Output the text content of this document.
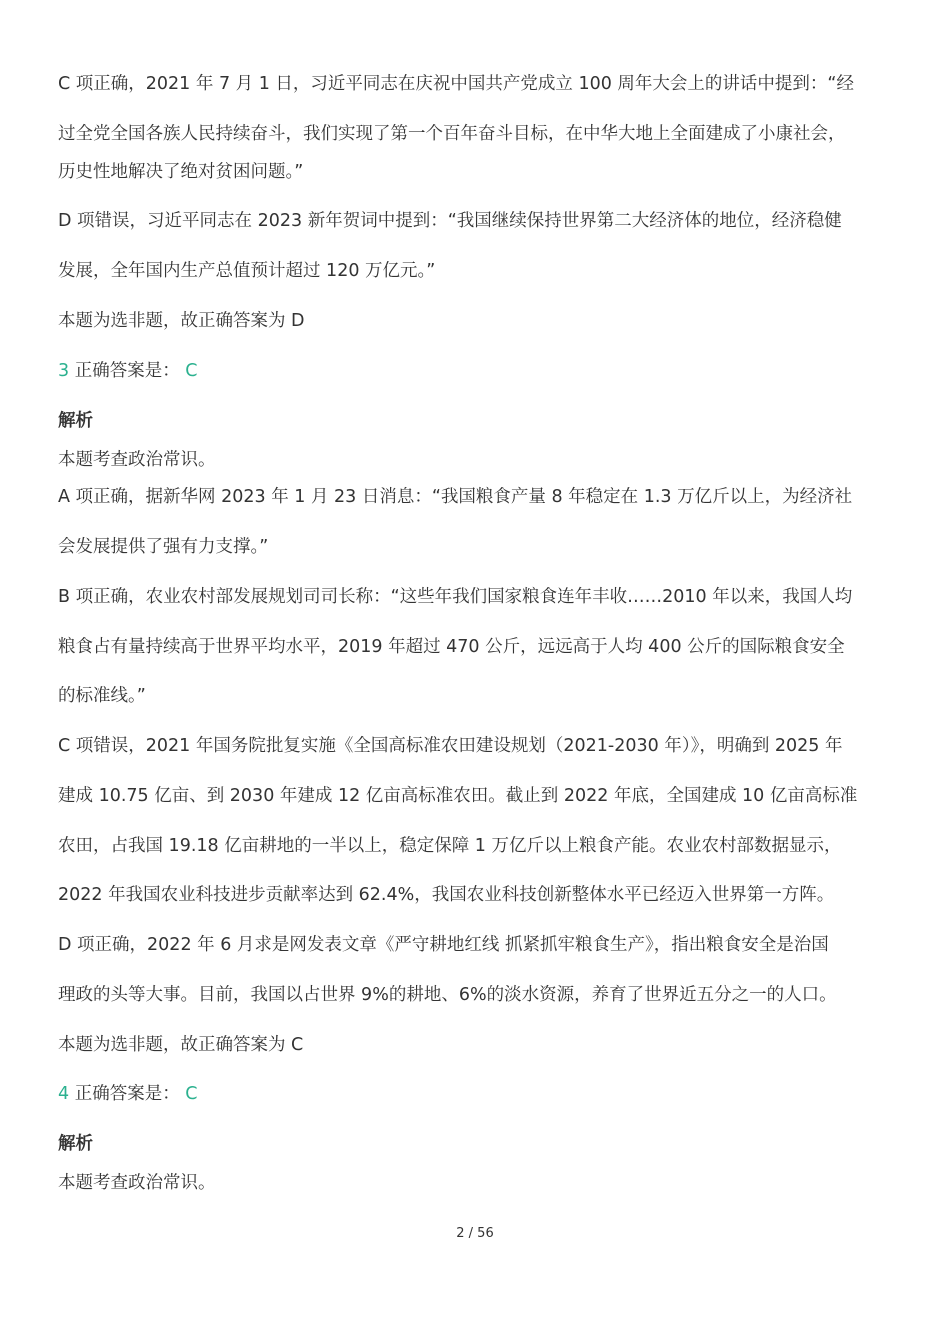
C 项正确，2021 年 7 月 1 日，习近平同志在庆祝中国共产党成立 100 周年大会上的讲话中提到：“经

过全党全国各族人民持续奋斗，我们实现了第一个百年奋斗目标，在中华大地上全面建成了小康社会，

历史性地解决了绝对贫困问题。”

D 项错误，习近平同志在 2023 新年贺词中提到：“我国继续保持世界第二大经济体的地位，经济稳健

发展，全年国内生产总值预计超过 120 万亿元。”

本题为选非题，故正确答案为 D

3 正确答案是： C

解析

本题考查政治常识。

A 项正确，据新华网 2023 年 1 月 23 日消息：“我国粮食产量 8 年稳定在 1.3 万亿斤以上，为经济社

会发展提供了强有力支撑。”

B 项正确，农业农村部发展规划司司长称：“这些年我们国家粮食连年丰收……2010 年以来，我国人均

粮食占有量持续高于世界平均水平，2019 年超过 470 公斤，远远高于人均 400 公斤的国际粮食安全

的标准线。”

C 项错误，2021 年国务院批复实施《全国高标准农田建设规划（2021-2030 年）》，明确到 2025 年

建成 10.75 亿亩、到 2030 年建成 12 亿亩高标准农田。截止到 2022 年底，全国建成 10 亿亩高标准

农田，占我国 19.18 亿亩耕地的一半以上，稳定保障 1 万亿斤以上粮食产能。农业农村部数据显示，

2022 年我国农业科技进步贡献率达到 62.4%，我国农业科技创新整体水平已经迈入世界第一方阵。

D 项正确，2022 年 6 月求是网发表文章《严守耕地红线 抓紧抓牢粮食生产》，指出粮食安全是治国

理政的头等大事。目前，我国以占世界 9%的耕地、6%的淡水资源，养育了世界近五分之一的人口。

本题为选非题，故正确答案为 C

4 正确答案是： C

解析

本题考查政治常识。

2 / 56
